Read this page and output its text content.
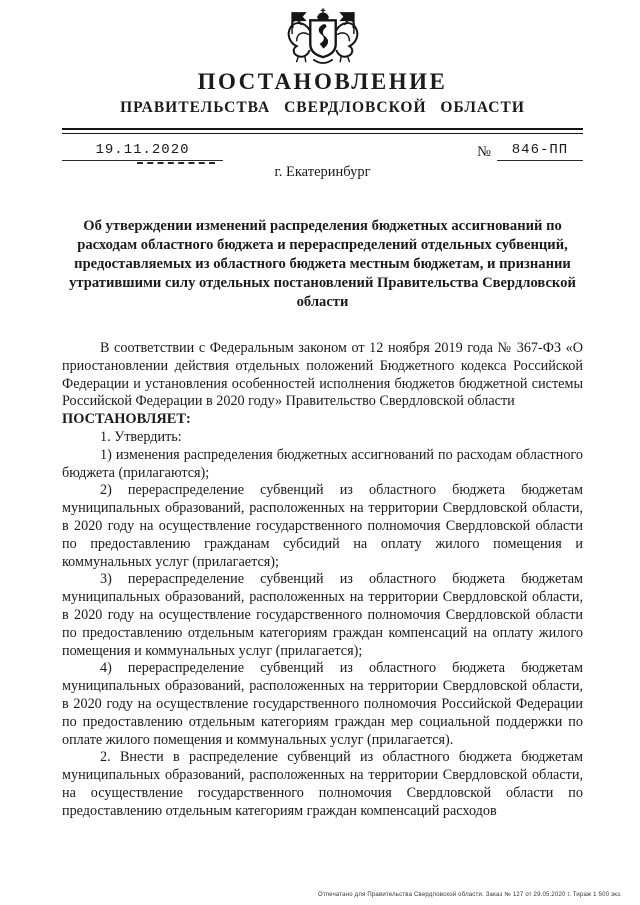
ПОСТАНОВЛЕНИЕ
ПРАВИТЕЛЬСТВА СВЕРДЛОВСКОЙ ОБЛАСТИ
19.11.2020	№	846-ПП
г. Екатеринбург

Об утверждении изменений распределения бюджетных ассигнований по расходам областного бюджета и перераспределений отдельных субвенций, предоставляемых из областного бюджета местным бюджетам, и признании утратившими силу отдельных постановлений Правительства Свердловской области

В соответствии с Федеральным законом от 12 ноября 2019 года № 367-ФЗ «О приостановлении действия отдельных положений Бюджетного кодекса Российской Федерации и установления особенностей исполнения бюджетов бюджетной системы Российской Федерации в 2020 году» Правительство Свердловской области

ПОСТАНОВЛЯЕТ:

1. Утвердить:

1) изменения распределения бюджетных ассигнований по расходам областного бюджета (прилагаются);

2) перераспределение субвенций из областного бюджета бюджетам муниципальных образований, расположенных на территории Свердловской области, в 2020 году на осуществление государственного полномочия Свердловской области по предоставлению гражданам субсидий на оплату жилого помещения и коммунальных услуг (прилагается);

3) перераспределение субвенций из областного бюджета бюджетам муниципальных образований, расположенных на территории Свердловской области, в 2020 году на осуществление государственного полномочия Свердловской области по предоставлению отдельным категориям граждан компенсаций на оплату жилого помещения и коммунальных услуг (прилагается);

4) перераспределение субвенций из областного бюджета бюджетам муниципальных образований, расположенных на территории Свердловской области, в 2020 году на осуществление государственного полномочия Российской Федерации по предоставлению отдельным категориям граждан мер социальной поддержки по оплате жилого помещения и коммунальных услуг (прилагается).

2. Внести в распределение субвенций из областного бюджета бюджетам муниципальных образований, расположенных на территории Свердловской области, на осуществление государственного полномочия Свердловской области по предоставлению отдельным категориям граждан компенсаций расходов

Отпечатано для Правительства Свердловской области. Заказ № 127 от 29.05.2020 г. Тираж 1 500 экз.
